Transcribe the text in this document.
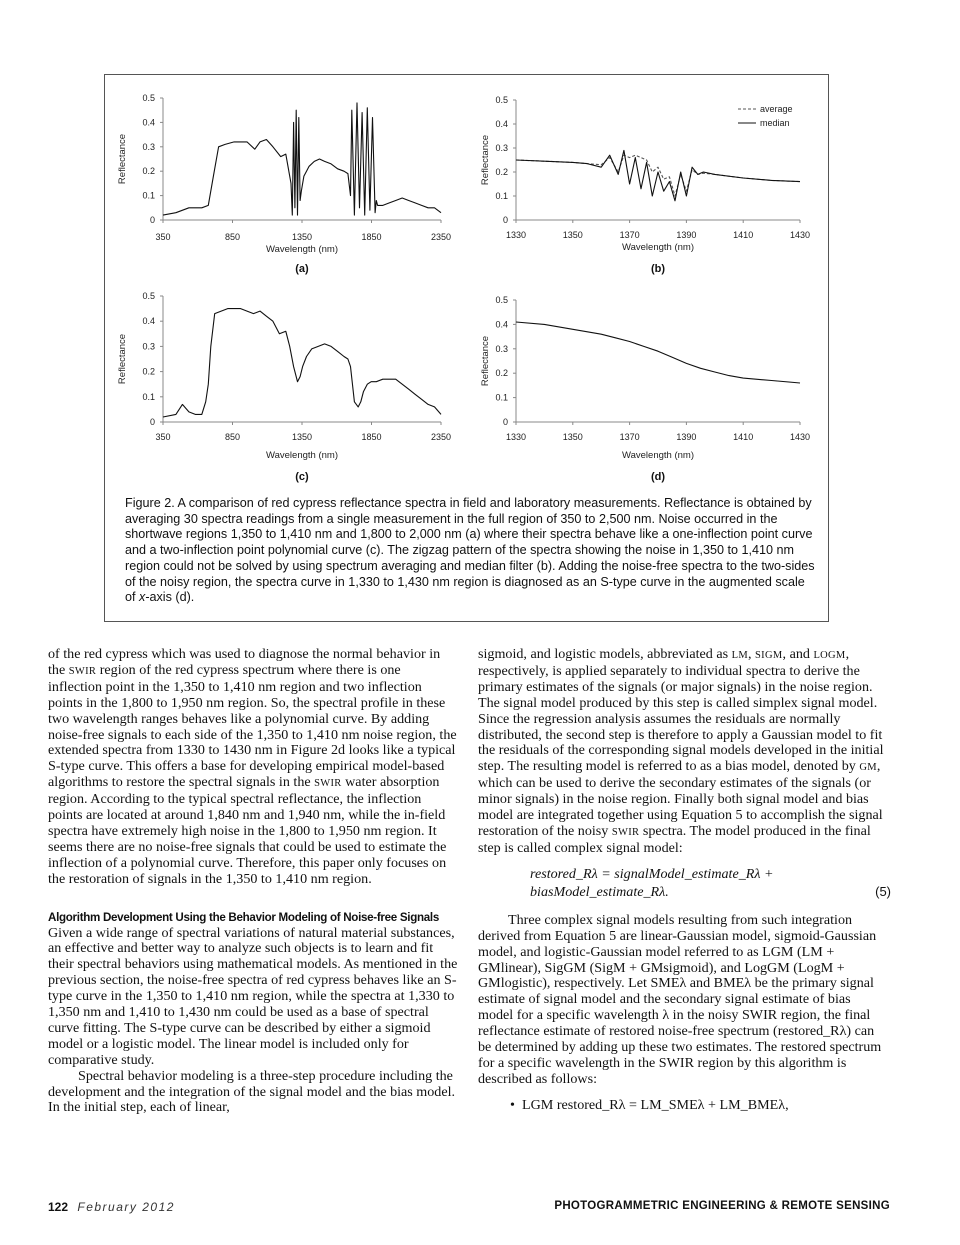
0
0.1
0.2
0.3
0.4
0.5
350	850	1350	1850	2350
Wavelength (nm)
Reflectance
(a)
0
0.1
0.2
0.3
0.4
0.5
1330	1350	1370	1390	1410	1430
Wavelength (nm)
Reflectance
(b)
average
median
0
0.1
0.2
0.3
0.4
0.5
350	850	1350	1850	2350
Wavelength (nm)
Reflectance
(c)
0
0.1
0.2
0.3
0.4
0.5
1330	1350	1370	1390	1410	1430
Wavelength (nm)
Reflectance
(d)
Figure 2. A comparison of red cypress reflectance spectra in field and laboratory measurements. Reflectance is obtained by averaging 30 spectra readings from a single measurement in the full region of 350 to 2,500 nm. Noise occurred in the shortwave regions 1,350 to 1,410 nm and 1,800 to 2,000 nm (a) where their spectra behave like a one-inflection point curve and a two-inflection point polynomial curve (c). The zigzag pattern of the spectra showing the noise in 1,350 to 1,410 nm region could not be solved by using spectrum averaging and median filter (b). Adding the noise-free spectra to the two-sides of the noisy region, the spectra curve in 1,330 to 1,430 nm region is diagnosed as an S-type curve in the augmented scale of x-axis (d).

of the red cypress which was used to diagnose the normal behavior in the SWIR region of the red cypress spectrum where there is one inflection point in the 1,350 to 1,410 nm region and two inflection points in the 1,800 to 1,950 nm region. So, the spectral profile in these two wavelength ranges behaves like a polynomial curve. By adding noise-free signals to each side of the 1,350 to 1,410 nm noise region, the extended spectra from 1330 to 1430 nm in Figure 2d looks like a typical S-type curve. This offers a base for developing empirical model-based algorithms to restore the spectral signals in the SWIR water absorption region. According to the typical spectral reflectance, the inflection points are located at around 1,840 nm and 1,940 nm, while the in-field spectra have extremely high noise in the 1,800 to 1,950 nm region. It seems there are no noise-free signals that could be used to estimate the inflection of a polynomial curve. Therefore, this paper only focuses on the restoration of signals in the 1,350 to 1,410 nm region.

Algorithm Development Using the Behavior Modeling of Noise-free Signals

Given a wide range of spectral variations of natural material substances, an effective and better way to analyze such objects is to learn and fit their spectral behaviors using mathematical models. As mentioned in the previous section, the noise-free spectra of red cypress behaves like an S-type curve in the 1,350 to 1,410 nm region, while the spectra at 1,330 to 1,350 nm and 1,410 to 1,430 nm could be used as a base of spectral curve fitting. The S-type curve can be described by either a sigmoid model or a logistic model. The linear model is included only for comparative study.

Spectral behavior modeling is a three-step procedure including the development and the integration of the signal model and the bias model. In the initial step, each of linear,

sigmoid, and logistic models, abbreviated as LM, SIGM, and LOGM, respectively, is applied separately to individual spectra to derive the primary estimates of the signals (or major signals) in the noise region. The signal model produced by this step is called simplex signal model. Since the regression analysis assumes the residuals are normally distributed, the second step is therefore to apply a Gaussian model to fit the residuals of the corresponding signal models developed in the initial step. The resulting model is referred to as a bias model, denoted by GM, which can be used to derive the secondary estimates of the signals (or minor signals) in the noise region. Finally both signal model and bias model are integrated together using Equation 5 to accomplish the signal restoration of the noisy SWIR spectra. The model produced in the final step is called complex signal model:

restored_Rλ = signalModel_estimate_Rλ +
biasModel_estimate_Rλ.	(5)

Three complex signal models resulting from such integration derived from Equation 5 are linear-Gaussian model, sigmoid-Gaussian model, and logistic-Gaussian model referred to as LGM (LM + GMlinear), SigGM (SigM + GMsigmoid), and LogGM (LogM + GMlogistic), respectively. Let SMEλ and BMEλ be the primary signal estimate of signal model and the secondary signal estimate of bias model for a specific wavelength λ in the noisy SWIR region, the final reflectance estimate of restored noise-free spectrum (restored_Rλ) can be determined by adding up these two estimates. The restored spectrum for a specific wavelength in the SWIR region by this algorithm is described as follows:

• LGM restored_Rλ = LM_SMEλ + LM_BMEλ,

122 February 2012	PHOTOGRAMMETRIC ENGINEERING & REMOTE SENSING
